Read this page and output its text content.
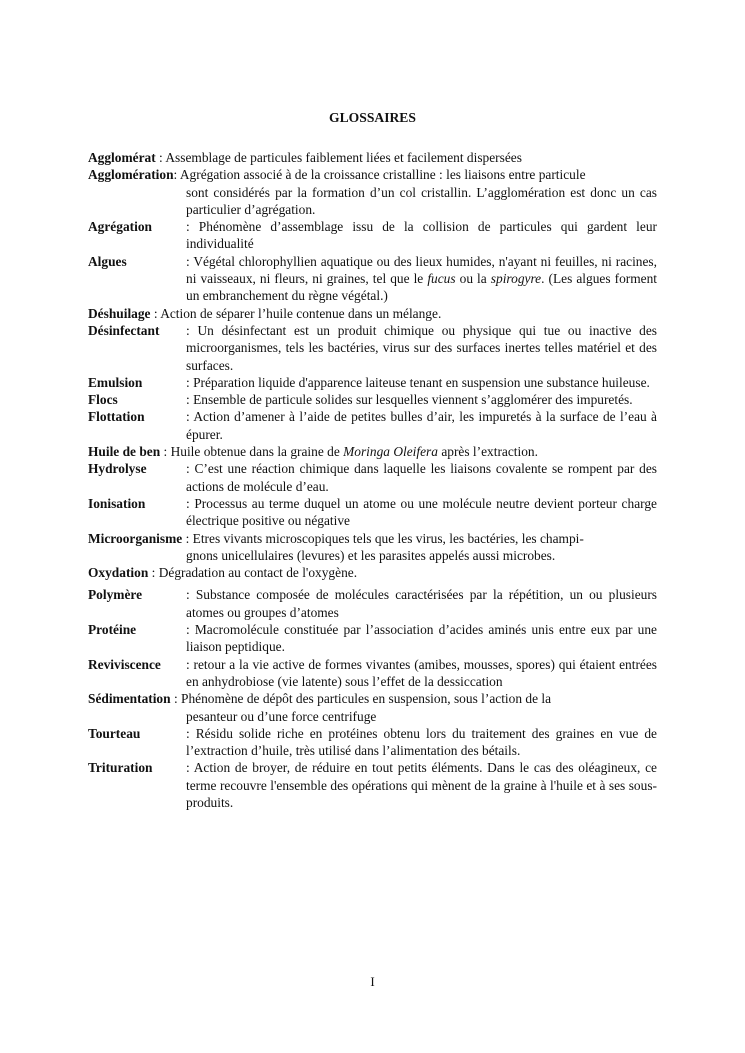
GLOSSAIRES
Agglomérat : Assemblage de particules faiblement liées et facilement dispersées
Agglomération: Agrégation associé à de la croissance cristalline : les liaisons entre particule
sont considérés par la formation d’un col cristallin. L’agglomération est donc un cas particulier d’agrégation.
Agrégation	: Phénomène d’assemblage issu de la collision de particules qui gardent leur individualité
Algues	: Végétal chlorophyllien aquatique ou des lieux humides, n'ayant ni feuilles, ni racines, ni vaisseaux, ni fleurs, ni graines, tel que le fucus ou la spirogyre. (Les algues forment un embranchement du règne végétal.)
Déshuilage : Action de séparer l’huile contenue dans un mélange.
Désinfectant	: Un désinfectant est un produit chimique ou physique qui tue ou inactive des microorganismes, tels les bactéries, virus sur des surfaces inertes telles matériel et des surfaces.
Emulsion	: Préparation liquide d'apparence laiteuse tenant en suspension une substance huileuse.
Flocs	: Ensemble de particule solides sur lesquelles viennent s’agglomérer des impuretés.
Flottation	: Action d’amener à l’aide de petites bulles d’air, les impuretés à la surface de l’eau à épurer.
Huile de ben : Huile obtenue dans la graine de Moringa Oleifera après l’extraction.
Hydrolyse	: C’est une réaction chimique dans laquelle les liaisons covalente se rompent par des actions de molécule d’eau.
Ionisation	: Processus au terme duquel un atome ou une molécule neutre devient porteur charge électrique positive ou négative
Microorganisme : Etres vivants microscopiques tels que les virus, les bactéries, les champi-
gnons unicellulaires (levures) et les parasites appelés aussi microbes.
Oxydation : Dégradation au contact de l'oxygène.
Polymère	: Substance composée de molécules caractérisées par la répétition, un ou plusieurs atomes ou groupes d’atomes
Protéine	: Macromolécule constituée par l’association d’acides aminés unis entre eux par une liaison peptidique.
Reviviscence	: retour a la vie active de formes vivantes (amibes, mousses, spores) qui étaient entrées en anhydrobiose (vie latente) sous l’effet de la dessiccation
Sédimentation : Phénomène de dépôt des particules en suspension, sous l’action de la
pesanteur ou d’une force centrifuge
Tourteau	: Résidu solide riche en protéines obtenu lors du traitement des graines en vue de l’extraction d’huile, très utilisé dans l’alimentation des bétails.
Trituration	: Action de broyer, de réduire en tout petits éléments. Dans le cas des oléagineux, ce terme recouvre l'ensemble des opérations qui mènent de la graine à l'huile et à ses sous-produits.
I
